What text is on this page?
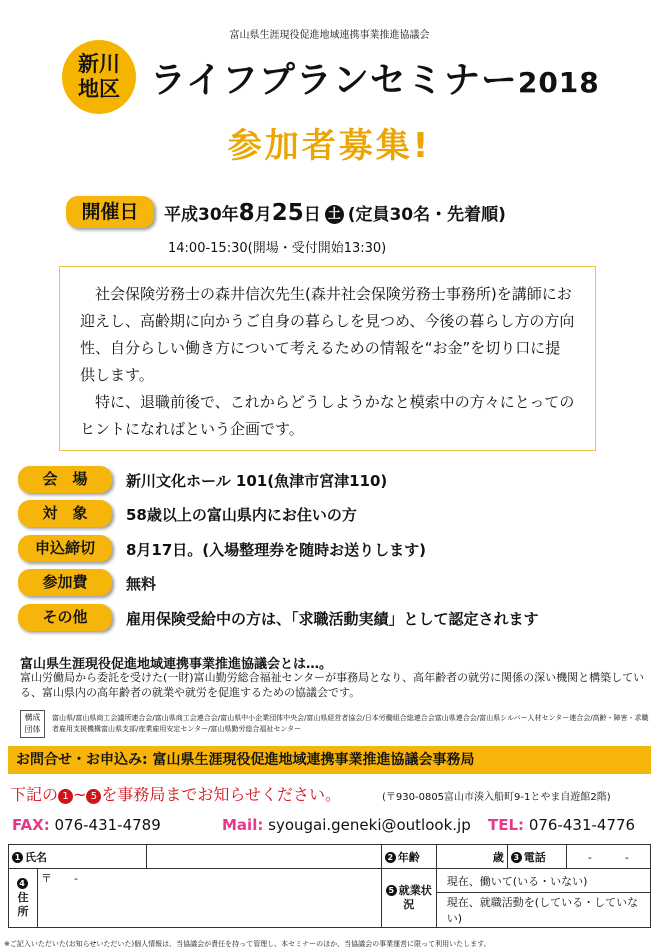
富山県生涯現役促進地域連携事業推進協議会
新川
地区 ライフプランセミナー2018
参加者募集!
開催日	平成30年8月25日 土 (定員30名・先着順)
14:00-15:30(開場・受付開始13:30)

社会保険労務士の森井信次先生(森井社会保険労務士事務所)を講師にお迎えし、高齢期に向かうご自身の暮らしを見つめ、今後の暮らし方の方向性、自分らしい働き方について考えるための情報を“お金”を切り口に提供します。

特に、退職前後で、これからどうしようかなと模索中の方々にとってのヒントになればという企画です。

会　場	新川文化ホール 101(魚津市宮津110)
対　象	58歳以上の富山県内にお住いの方
申込締切	8月17日。(入場整理券を随時お送りします)
参加費	無料
その他	雇用保険受給中の方は、「求職活動実績」として認定されます
富山県生涯現役促進地域連携事業推進協議会とは…。
富山労働局から委託を受けた(一財)富山勤労総合福祉センターが事務局となり、高年齢者の就労に関係の深い機関と構築している、富山県内の高年齢者の就業や就労を促進するための協議会です。
構成団体
富山県/富山県商工会議所連合会/富山県商工会連合会/富山県中小企業団体中央会/富山県経営者協会/日本労働組合総連合会富山県連合会/富山県シルバー人材センター連合会/高齢・障害・求職者雇用支援機構富山県支部/産業雇用安定センター/富山県勤労総合福祉センター
お問合せ・お申込み: 富山県生涯現役促進地域連携事業推進協議会事務局
下記の 1 ~ 5 を事務局までお知らせください。	(〒930-0805富山市湊入船町9-1とやま自遊館2階)
FAX: 076-431-4789	Mail: syougai.geneki@outlook.jp TEL: 076-431-4776
1 氏名			2 年齢	歳	3 電話	-　　　-
4
住所	〒　　-		5 就業状況	現在、働いて(いる・いない)		
				現在、就職活動を(している・していない)		
※ご記入いただいた(お知らせいただいた)個人情報は、当協議会が責任を持って管理し、本セミナーのほか、当協議会の事業運営に限って利用いたします。
